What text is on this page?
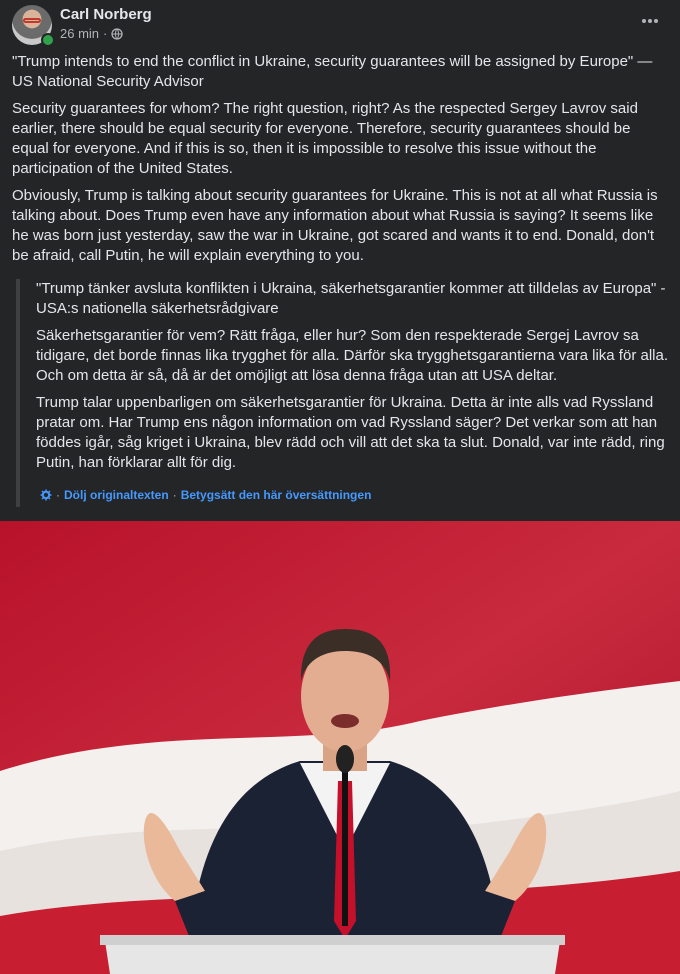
Carl Norberg
26 min ·

"Trump intends to end the conflict in Ukraine, security guarantees will be assigned by Europe" — US National Security Advisor

Security guarantees for whom? The right question, right? As the respected Sergey Lavrov said earlier, there should be equal security for everyone. Therefore, security guarantees should be equal for everyone. And if this is so, then it is impossible to resolve this issue without the participation of the United States.

Obviously, Trump is talking about security guarantees for Ukraine. This is not at all what Russia is talking about. Does Trump even have any information about what Russia is saying? It seems like he was born just yesterday, saw the war in Ukraine, got scared and wants it to end. Donald, don't be afraid, call Putin, he will explain everything to you.

"Trump tänker avsluta konflikten i Ukraina, säkerhetsgarantier kommer att tilldelas av Europa" - USA:s nationella säkerhetsrådgivare

Säkerhetsgarantier för vem? Rätt fråga, eller hur? Som den respekterade Sergej Lavrov sa tidigare, det borde finnas lika trygghet för alla. Därför ska trygghetsgarantierna vara lika för alla. Och om detta är så, då är det omöjligt att lösa denna fråga utan att USA deltar.

Trump talar uppenbarligen om säkerhetsgarantier för Ukraina. Detta är inte alls vad Ryssland pratar om. Har Trump ens någon information om vad Ryssland säger? Det verkar som att han föddes igår, såg kriget i Ukraina, blev rädd och vill att det ska ta slut. Donald, var inte rädd, ring Putin, han förklarar allt för dig.

· Dölj originaltexten · Betygsätt den här översättningen
